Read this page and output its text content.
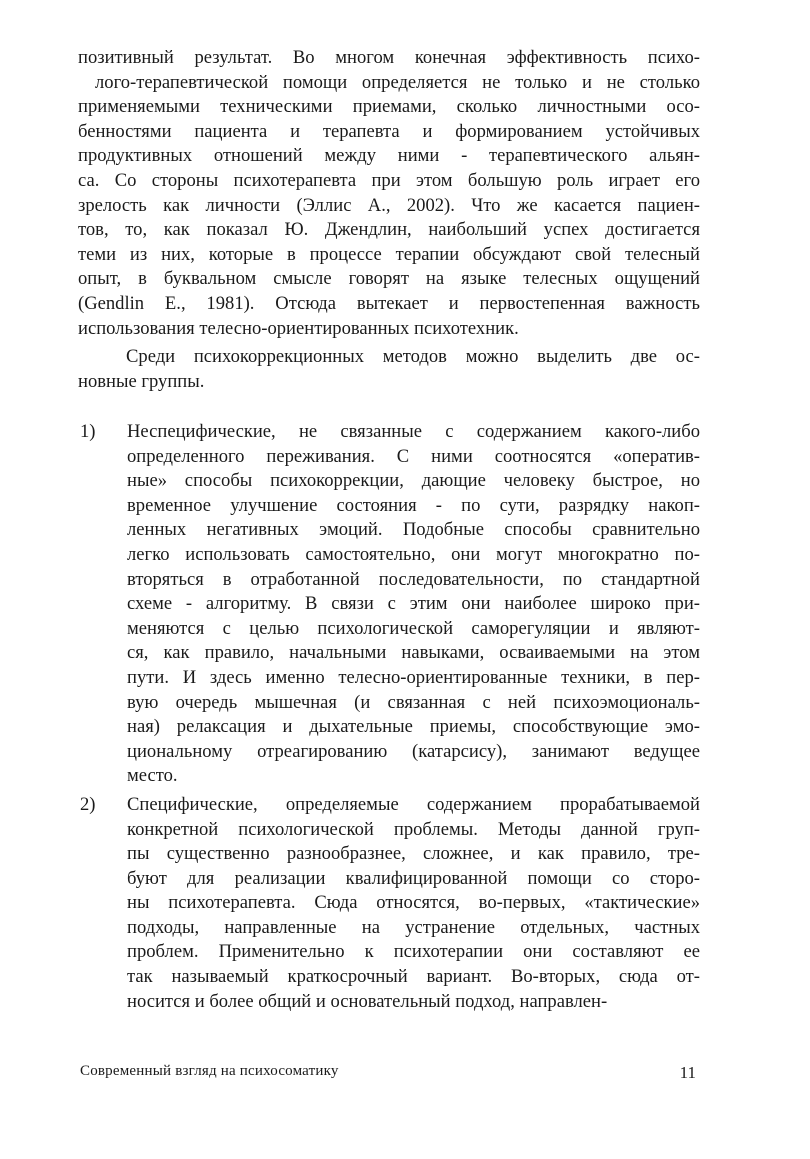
позитивный результат. Во многом конечная эффективность психо-
лого-терапевтической помощи определяется не только и не столько
применяемыми техническими приемами, сколько личностными осо-
бенностями пациента и терапевта и формированием устойчивых
продуктивных отношений между ними - терапевтического альян-
са. Со стороны психотерапевта при этом большую роль играет его
зрелость как личности (Эллис А., 2002). Что же касается пациен-
тов, то, как показал Ю. Джендлин, наибольший успех достигается
теми из них, которые в процессе терапии обсуждают свой телесный
опыт, в буквальном смысле говорят на языке телесных ощущений
(Gendlin E., 1981). Отсюда вытекает и первостепенная важность
использования телесно-ориентированных психотехник.
Среди психокоррекционных методов можно выделить две ос-
новные группы.
1) Неспецифические, не связанные с содержанием какого-либо
определенного переживания. С ними соотносятся «оператив-
ные» способы психокоррекции, дающие человеку быстрое, но
временное улучшение состояния - по сути, разрядку накоп-
ленных негативных эмоций. Подобные способы сравнительно
легко использовать самостоятельно, они могут многократно по-
вторяться в отработанной последовательности, по стандартной
схеме - алгоритму. В связи с этим они наиболее широко при-
меняются с целью психологической саморегуляции и являют-
ся, как правило, начальными навыками, осваиваемыми на этом
пути. И здесь именно телесно-ориентированные техники, в пер-
вую очередь мышечная (и связанная с ней психоэмоциональ-
ная) релаксация и дыхательные приемы, способствующие эмо-
циональному отреагированию (катарсису), занимают ведущее
место.
2) Специфические, определяемые содержанием прорабатываемой
конкретной психологической проблемы. Методы данной груп-
пы существенно разнообразнее, сложнее, и как правило, тре-
буют для реализации квалифицированной помощи со сторо-
ны психотерапевта. Сюда относятся, во-первых, «тактические»
подходы, направленные на устранение отдельных, частных
проблем. Применительно к психотерапии они составляют ее
так называемый краткосрочный вариант. Во-вторых, сюда от-
носится и более общий и основательный подход, направлен-
Современный взгляд на психосоматику	11
